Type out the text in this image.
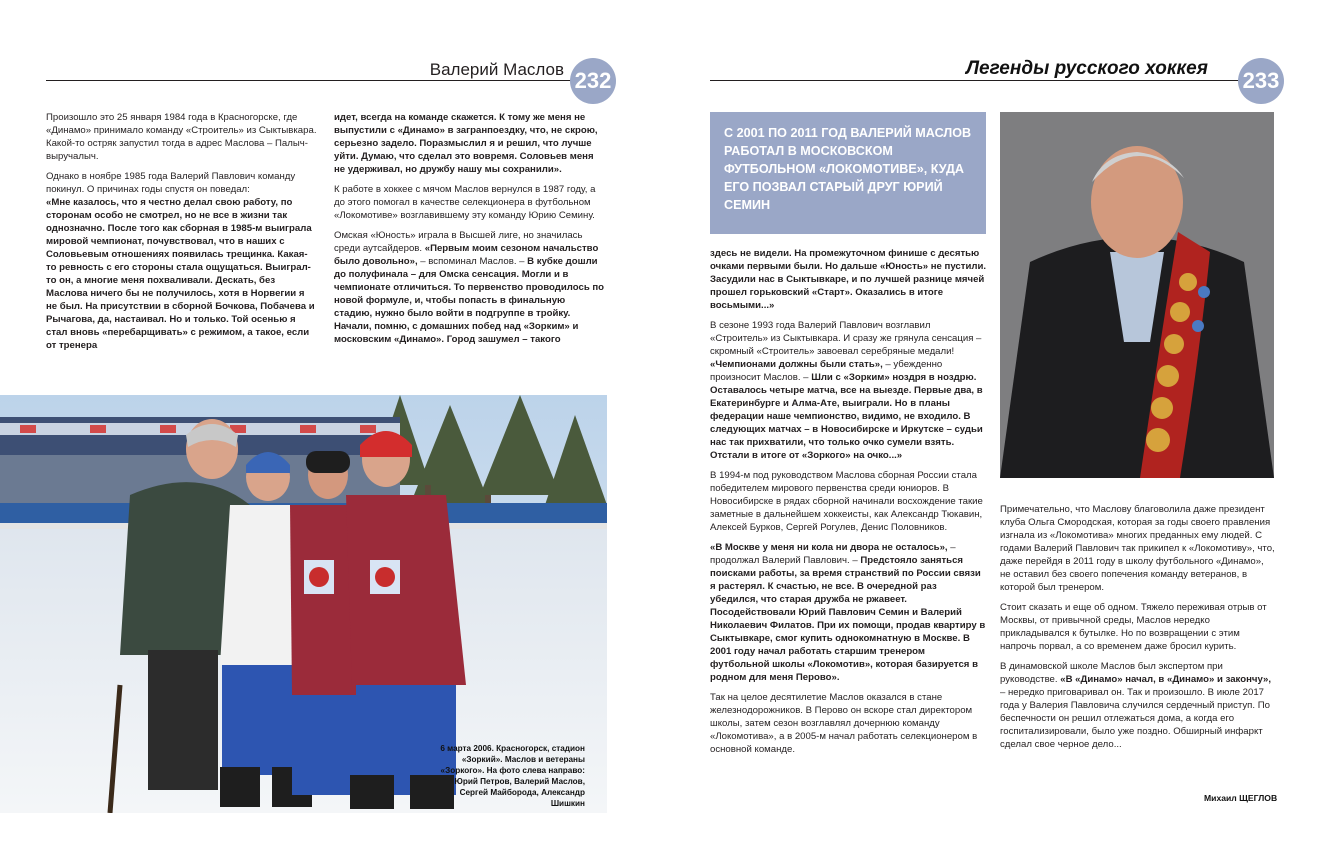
Валерий Маслов 232

Произошло это 25 января 1984 года в Красногорске, где «Динамо» принимало команду «Строитель» из Сыктывкара. Какой-то остряк запустил тогда в адрес Маслова – Палыч-выручалыч.

Однако в ноябре 1985 года Валерий Павлович команду покинул. О причинах годы спустя он поведал:

«Мне казалось, что я честно делал свою работу, по сторонам особо не смотрел, но не все в жизни так однозначно. После того как сборная в 1985-м выиграла мировой чемпионат, почувствовал, что в наших с Соловьевым отношениях появилась трещинка. Какая-то ревность с его стороны стала ощущаться. Выиграл-то он, а многие меня похваливали. Дескать, без Маслова ничего бы не получилось, хотя в Норвегии я не был. На присутствии в сборной Бочкова, Побачева и Рычагова, да, настаивал. Но и только. Той осенью я стал вновь «перебарщивать» с режимом, а такое, если от тренера

идет, всегда на команде скажется. К тому же меня не выпустили с «Динамо» в загранпоездку, что, не скрою, серьезно задело. Поразмыслил я и решил, что лучше уйти. Думаю, что сделал это вовремя. Соловьев меня не удерживал, но дружбу нашу мы сохранили».

К работе в хоккее с мячом Маслов вернулся в 1987 году, а до этого помогал в качестве селекционера в футбольном «Локомотиве» возглавившему эту команду Юрию Семину.

Омская «Юность» играла в Высшей лиге, но значилась среди аутсайдеров. «Первым моим сезоном начальство было довольно», – вспоминал Маслов. – В кубке дошли до полуфинала – для Омска сенсация. Могли и в чемпионате отличиться. То первенство проводилось по новой формуле, и, чтобы попасть в финальную стадию, нужно было войти в подгруппе в тройку. Начали, помню, с домашних побед над «Зорким» и московским «Динамо». Город зашумел – такого

6 марта 2006. Красногорск, стадион «Зоркий». Маслов и ветераны «Зоркого». На фото слева направо: Юрий Петров, Валерий Маслов, Сергей Майборода, Александр Шишкин
Легенды русского хоккея 233
С 2001 ПО 2011 ГОД ВАЛЕРИЙ МАСЛОВ РАБОТАЛ В МОСКОВСКОМ ФУТБОЛЬНОМ «ЛОКОМОТИВЕ», КУДА ЕГО ПОЗВАЛ СТАРЫЙ ДРУГ ЮРИЙ СЕМИН

здесь не видели. На промежуточном финише с десятью очками первыми были. Но дальше «Юность» не пустили. Засудили нас в Сыктывкаре, и по лучшей разнице мячей прошел горьковский «Старт». Оказались в итоге восьмыми...»

В сезоне 1993 года Валерий Павлович возглавил «Строитель» из Сыктывкара. И сразу же грянула сенсация – скромный «Строитель» завоевал серебряные медали! «Чемпионами должны были стать», – убежденно произносит Маслов. – Шли с «Зорким» ноздря в ноздрю. Оставалось четыре матча, все на выезде. Первые два, в Екатеринбурге и Алма-Ате, выиграли. Но в планы федерации наше чемпионство, видимо, не входило. В следующих матчах – в Новосибирске и Иркутске – судьи нас так прихватили, что только очко сумели взять. Отстали в итоге от «Зоркого» на очко...»

В 1994-м под руководством Маслова сборная России стала победителем мирового первенства среди юниоров. В Новосибирске в рядах сборной начинали восхождение такие заметные в дальнейшем хоккеисты, как Александр Тюкавин, Алексей Бурков, Сергей Рогулев, Денис Половников.

«В Москве у меня ни кола ни двора не осталось», – продолжал Валерий Павлович. – Предстояло заняться поисками работы, за время странствий по России связи я растерял. К счастью, не все. В очередной раз убедился, что старая дружба не ржавеет. Посодействовали Юрий Павлович Семин и Валерий Николаевич Филатов. При их помощи, продав квартиру в Сыктывкаре, смог купить однокомнатную в Москве. В 2001 году начал работать старшим тренером футбольной школы «Локомотив», которая базируется в родном для меня Перово».

Так на целое десятилетие Маслов оказался в стане железнодорожников. В Перово он вскоре стал директором школы, затем сезон возглавлял дочернюю команду «Локомотива», а в 2005-м начал работать селекционером в основной команде.

Примечательно, что Маслову благоволила даже президент клуба Ольга Смородская, которая за годы своего правления изгнала из «Локомотива» многих преданных ему людей. С годами Валерий Павлович так прикипел к «Локомотиву», что, даже перейдя в 2011 году в школу футбольного «Динамо», не оставил без своего попечения команду ветеранов, в которой был тренером.

Стоит сказать и еще об одном. Тяжело переживая отрыв от Москвы, от привычной среды, Маслов нередко прикладывался к бутылке. Но по возвращении с этим напрочь порвал, а со временем даже бросил курить.

В динамовской школе Маслов был экспертом при руководстве. «В «Динамо» начал, в «Динамо» и закончу», – нередко приговаривал он. Так и произошло. В июле 2017 года у Валерия Павловича случился сердечный приступ. По беспечности он решил отлежаться дома, а когда его госпитализировали, было уже поздно. Обширный инфаркт сделал свое черное дело...

Михаил ЩЕГЛОВ
